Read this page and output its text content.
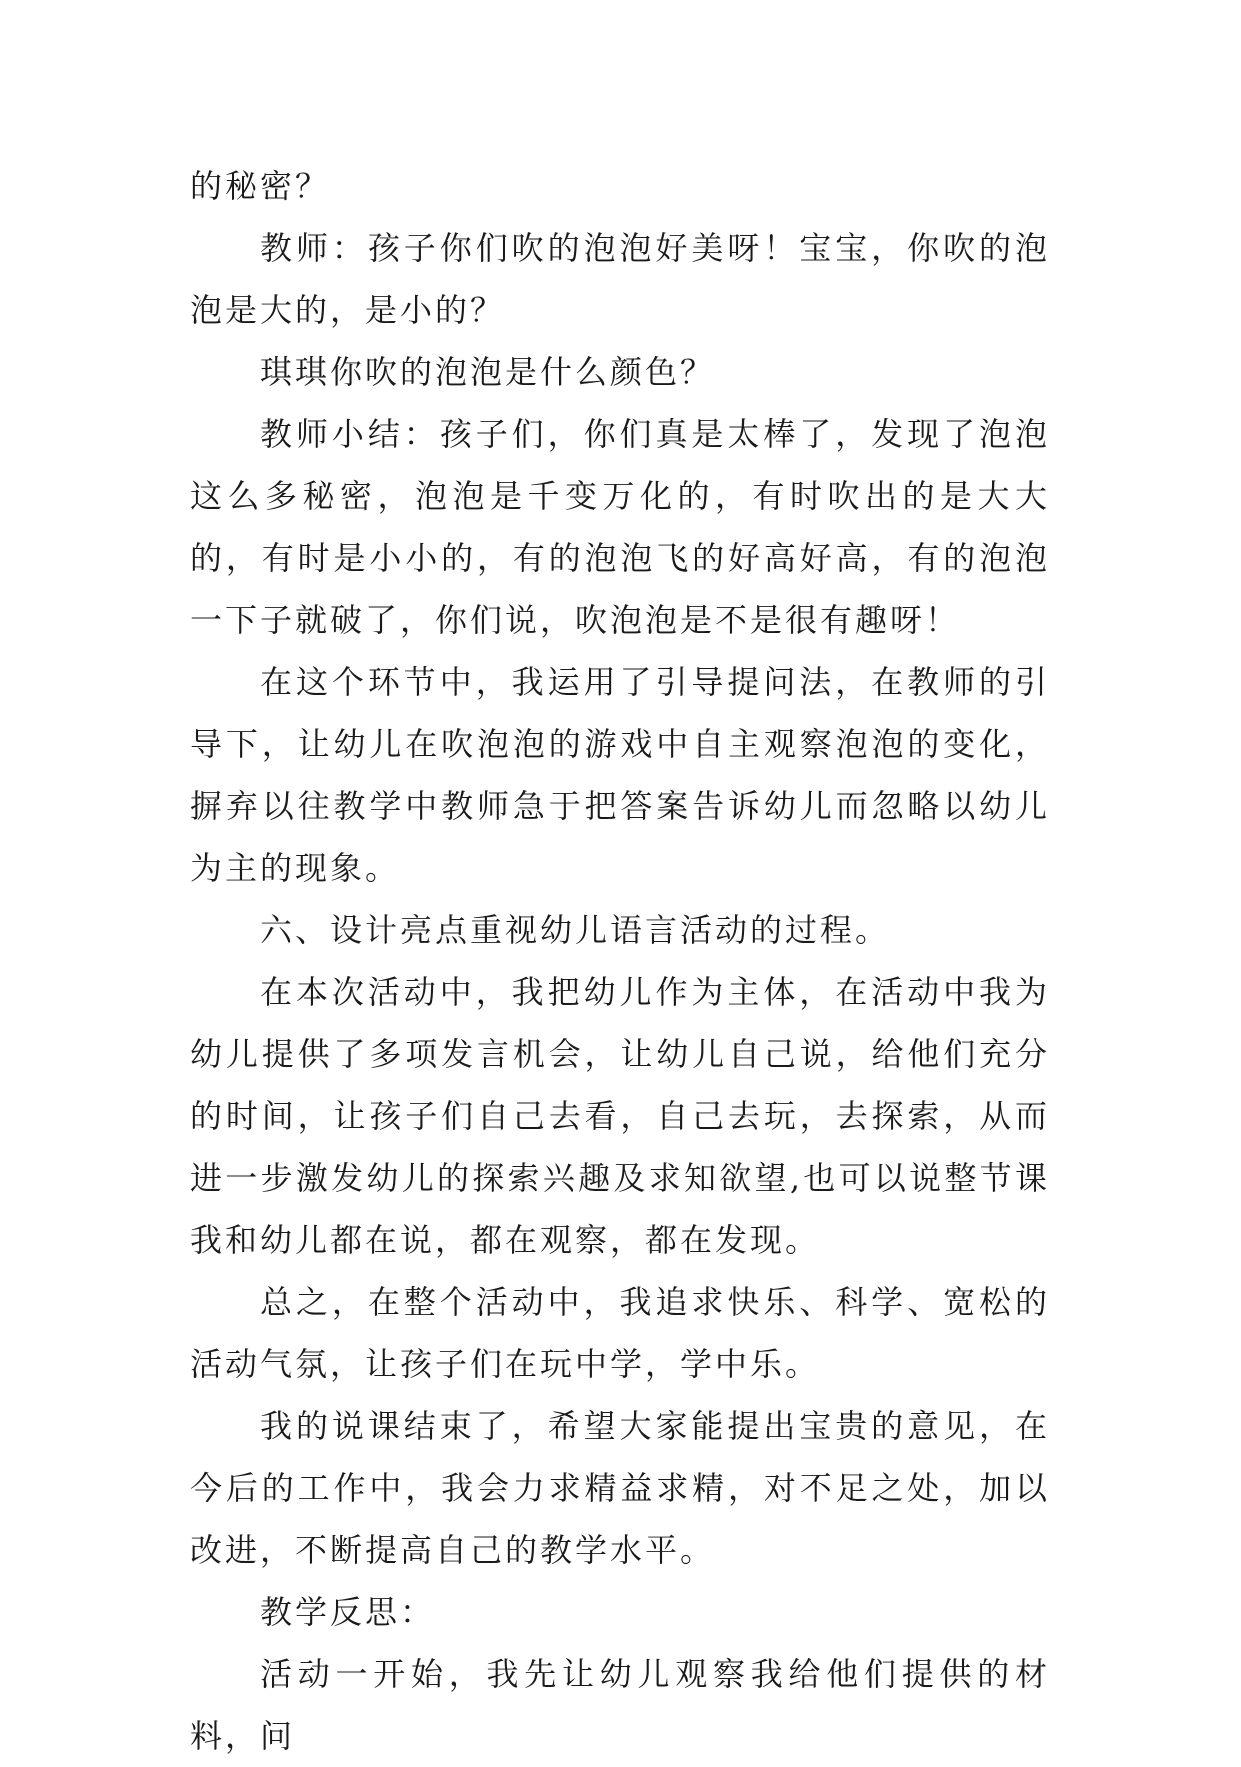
的秘密？

教师：孩子你们吹的泡泡好美呀！宝宝，你吹的泡泡是大的，是小的？

琪琪你吹的泡泡是什么颜色？

教师小结：孩子们，你们真是太棒了，发现了泡泡这么多秘密，泡泡是千变万化的，有时吹出的是大大的，有时是小小的，有的泡泡飞的好高好高，有的泡泡一下子就破了，你们说，吹泡泡是不是很有趣呀！

在这个环节中，我运用了引导提问法，在教师的引导下，让幼儿在吹泡泡的游戏中自主观察泡泡的变化，摒弃以往教学中教师急于把答案告诉幼儿而忽略以幼儿为主的现象。

六、设计亮点重视幼儿语言活动的过程。

在本次活动中，我把幼儿作为主体，在活动中我为幼儿提供了多项发言机会，让幼儿自己说，给他们充分的时间，让孩子们自己去看，自己去玩，去探索，从而进一步激发幼儿的探索兴趣及求知欲望,也可以说整节课我和幼儿都在说，都在观察，都在发现。

总之，在整个活动中，我追求快乐、科学、宽松的活动气氛，让孩子们在玩中学，学中乐。

我的说课结束了，希望大家能提出宝贵的意见，在今后的工作中，我会力求精益求精，对不足之处，加以改进，不断提高自己的教学水平。

教学反思：

活动一开始，我先让幼儿观察我给他们提供的材料，问
